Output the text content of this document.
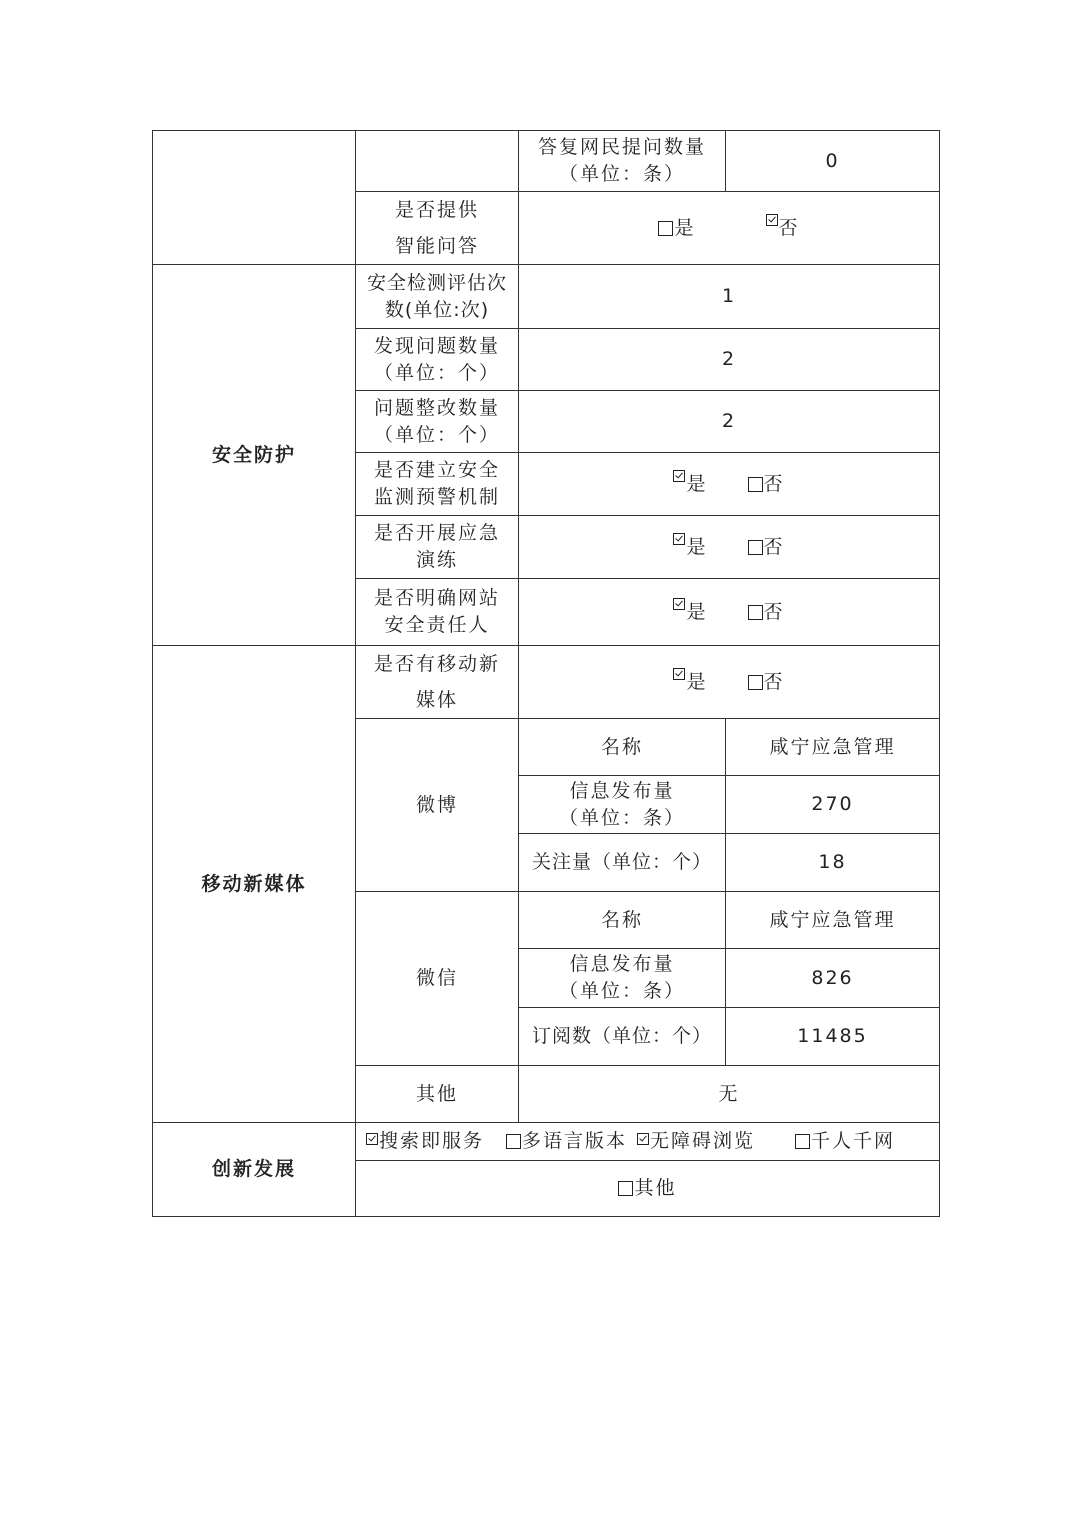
		答复网民提问数量（单位：条）	0
	是否提供智能问答	是 否	
安全防护	安全检测评估次数(单位:次)	1	
	发现问题数量（单位：个）	2	
	问题整改数量（单位：个）	2	
	是否建立安全监测预警机制	是 否	
	是否开展应急演练	是 否	
	是否明确网站安全责任人	是 否	
移动新媒体	是否有移动新媒体	是 否	
	微博	名称	咸宁应急管理
		信息发布量（单位：条）	270
		关注量（单位：个）	18
	微信	名称	咸宁应急管理
		信息发布量（单位：条）	826
		订阅数（单位：个）	11485
	其他	无	
创新发展	搜索即服务 多语言版本 无障碍浏览 千人千网		
	其他		
